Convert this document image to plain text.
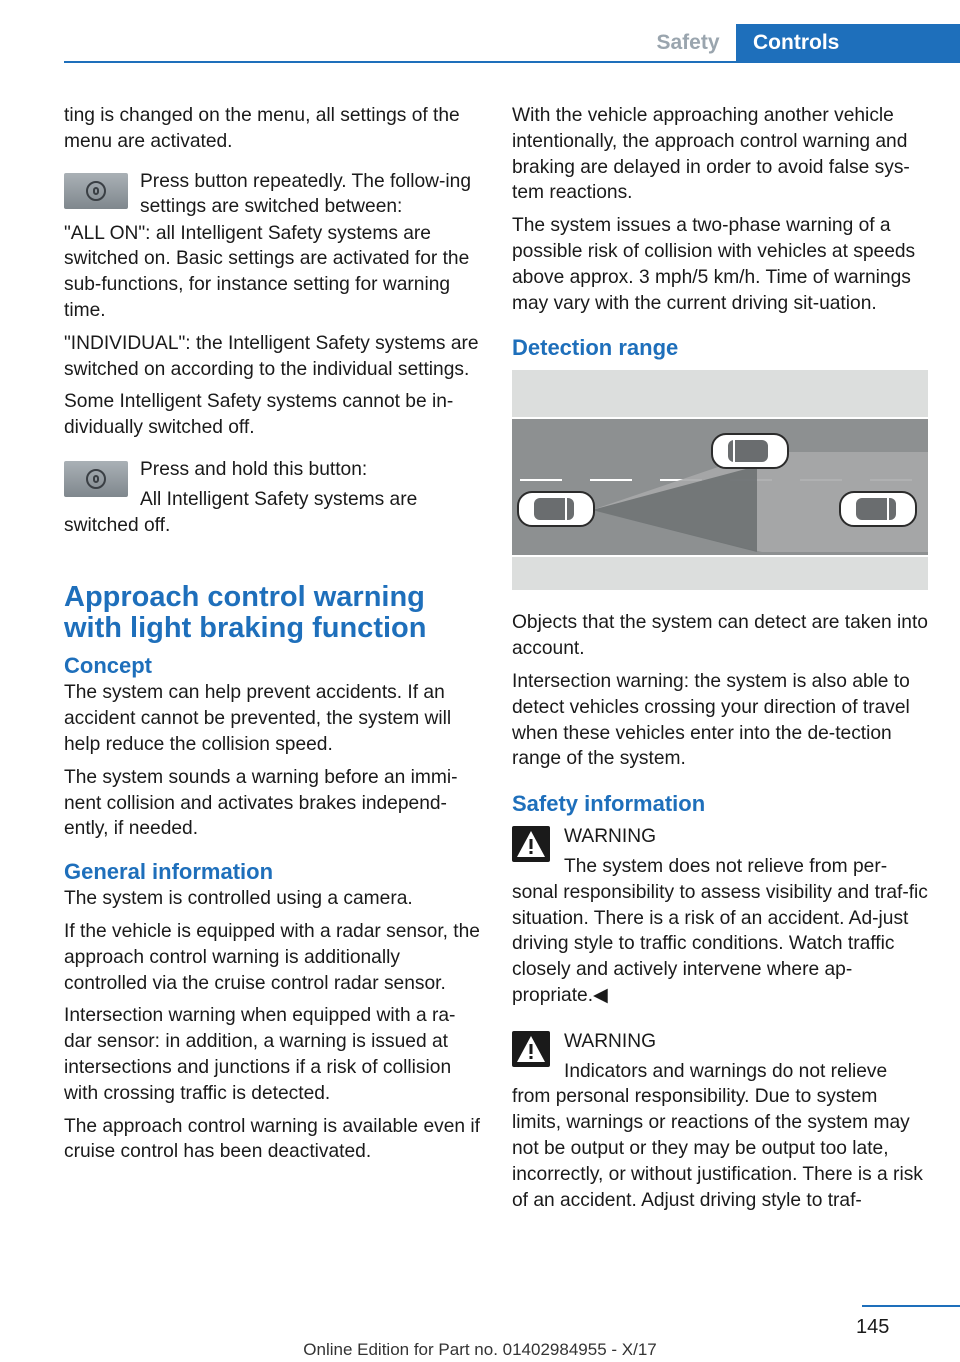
Safety	Controls

ting is changed on the menu, all settings of the menu are activated.

Press button repeatedly. The follow-ing settings are switched between:

"ALL ON": all Intelligent Safety systems are switched on. Basic settings are activated for the sub-functions, for instance setting for warning time.

"INDIVIDUAL": the Intelligent Safety systems are switched on according to the individual settings.

Some Intelligent Safety systems cannot be in-dividually switched off.

Press and hold this button:

All Intelligent Safety systems are switched off.

Approach control warning with light braking function
Concept

The system can help prevent accidents. If an accident cannot be prevented, the system will help reduce the collision speed.

The system sounds a warning before an immi-nent collision and activates brakes independ-ently, if needed.

General information

The system is controlled using a camera.

If the vehicle is equipped with a radar sensor, the approach control warning is additionally controlled via the cruise control radar sensor.

Intersection warning when equipped with a ra-dar sensor: in addition, a warning is issued at intersections and junctions if a risk of collision with crossing traffic is detected.

The approach control warning is available even if cruise control has been deactivated.

With the vehicle approaching another vehicle intentionally, the approach control warning and braking are delayed in order to avoid false sys-tem reactions.

The system issues a two-phase warning of a possible risk of collision with vehicles at speeds above approx. 3 mph/5 km/h. Time of warnings may vary with the current driving sit-uation.

Detection range

Objects that the system can detect are taken into account.

Intersection warning: the system is also able to detect vehicles crossing your direction of travel when these vehicles enter into the de-tection range of the system.

Safety information

WARNING

The system does not relieve from per-sonal responsibility to assess visibility and traf-fic situation. There is a risk of an accident. Ad-just driving style to traffic conditions. Watch traffic closely and actively intervene where ap-propriate.◀

WARNING

Indicators and warnings do not relieve from personal responsibility. Due to system limits, warnings or reactions of the system may not be output or they may be output too late, incorrectly, or without justification. There is a risk of an accident. Adjust driving style to traf-

145
Online Edition for Part no. 01402984955 - X/17
